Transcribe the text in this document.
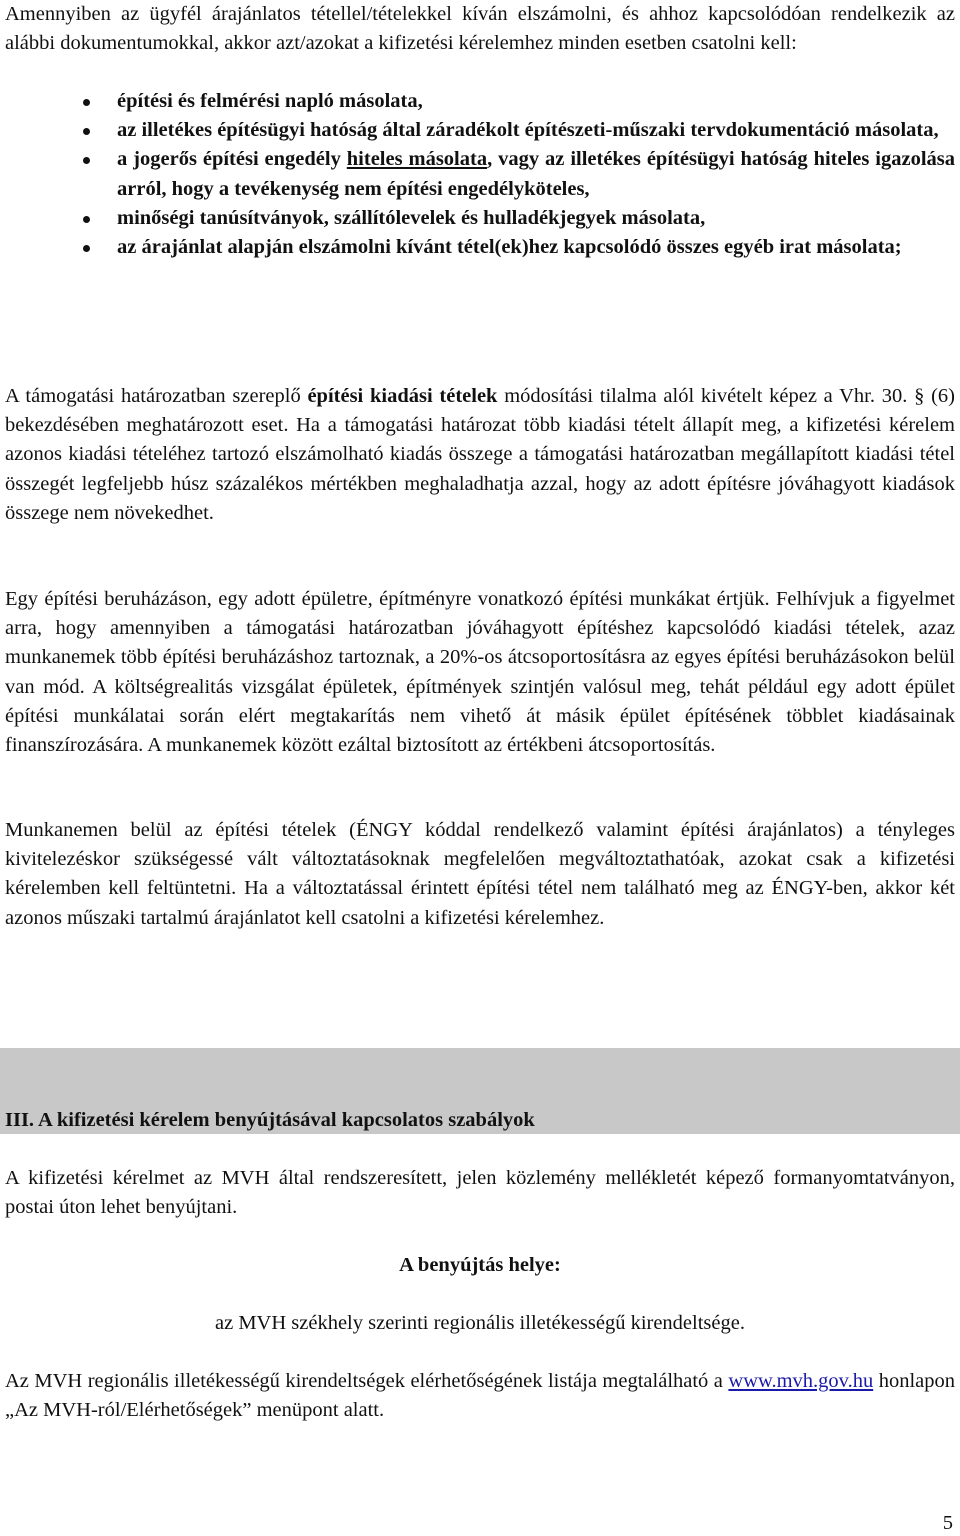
Amennyiben az ügyfél árajánlatos tétellel/tételekkel kíván elszámolni, és ahhoz kapcsolódóan rendelkezik az alábbi dokumentumokkal, akkor azt/azokat a kifizetési kérelemhez minden esetben csatolni kell:
építési és felmérési napló másolata,
az illetékes építésügyi hatóság által záradékolt építészeti-műszaki tervdokumentáció másolata,
a jogerős építési engedély hiteles másolata, vagy az illetékes építésügyi hatóság hiteles igazolása arról, hogy a tevékenység nem építési engedélyköteles,
minőségi tanúsítványok, szállítólevelek és hulladékjegyek másolata,
az árajánlat alapján elszámolni kívánt tétel(ek)hez kapcsolódó összes egyéb irat másolata;
A támogatási határozatban szereplő építési kiadási tételek módosítási tilalma alól kivételt képez a Vhr. 30. § (6) bekezdésében meghatározott eset. Ha a támogatási határozat több kiadási tételt állapít meg, a kifizetési kérelem azonos kiadási tételéhez tartozó elszámolható kiadás összege a támogatási határozatban megállapított kiadási tétel összegét legfeljebb húsz százalékos mértékben meghaladhatja azzal, hogy az adott építésre jóváhagyott kiadások összege nem növekedhet.
Egy építési beruházáson, egy adott épületre, építményre vonatkozó építési munkákat értjük. Felhívjuk a figyelmet arra, hogy amennyiben a támogatási határozatban jóváhagyott építéshez kapcsolódó kiadási tételek, azaz munkanemek több építési beruházáshoz tartoznak, a 20%-os átcsoportosításra az egyes építési beruházásokon belül van mód. A költségrealitás vizsgálat épületek, építmények szintjén valósul meg, tehát például egy adott épület építési munkálatai során elért megtakarítás nem vihető át másik épület építésének többlet kiadásainak finanszírozására. A munkanemek között ezáltal biztosított az értékbeni átcsoportosítás.
Munkanemen belül az építési tételek (ÉNGY kóddal rendelkező valamint építési árajánlatos) a tényleges kivitelezéskor szükségessé vált változtatásoknak megfelelően megváltoztathatóak, azokat csak a kifizetési kérelemben kell feltüntetni. Ha a változtatással érintett építési tétel nem található meg az ÉNGY-ben, akkor két azonos műszaki tartalmú árajánlatot kell csatolni a kifizetési kérelemhez.
A kifizetési kérelmet az MVH által rendszeresített, jelen közlemény mellékletét képező formanyomtatványon, postai úton lehet benyújtani.
A benyújtás helye:
az MVH székhely szerinti regionális illetékességű kirendeltsége.
Az MVH regionális illetékességű kirendeltségek elérhetőségének listája megtalálható a www.mvh.gov.hu honlapon „Az MVH-ról/Elérhetőségek” menüpont alatt.
III. A kifizetési kérelem benyújtásával kapcsolatos szabályok
5
